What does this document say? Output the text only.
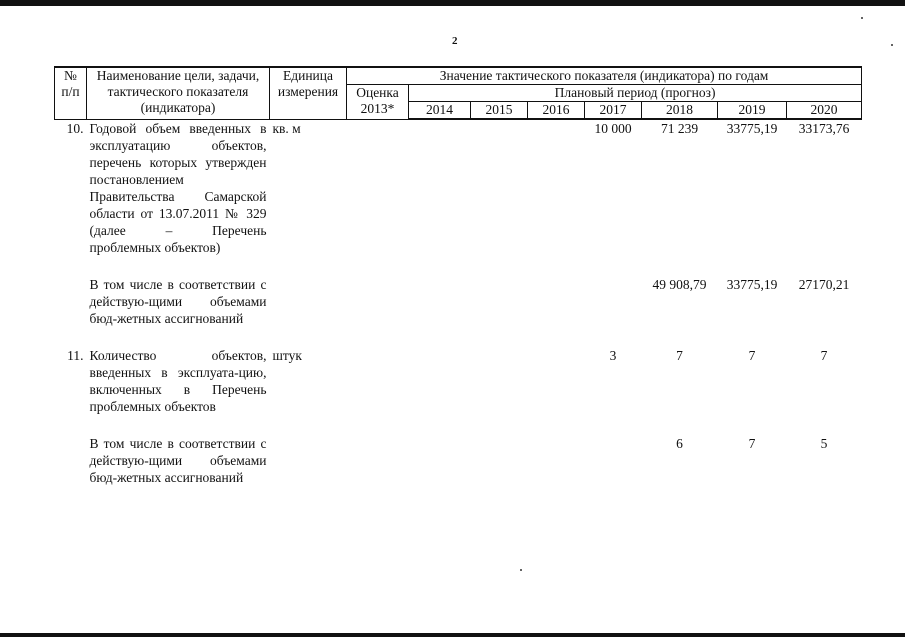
2
№ п/п	Наименование цели, задачи, тактического показателя (индикатора)	Единица измерения	Значение тактического показателя (индикатора) по годам							
			Оценка 2013*	Плановый период (прогноз)						
				2014	2015	2016	2017	2018	2019	2020
10.	Годовой объем введенных в эксплуатацию объектов, перечень которых утвержден постановлением Правительства Самарской области от 13.07.2011 № 329 (далее – Перечень проблемных объектов)	кв. м					10 000	71 239	33775,19	33173,76

	В том числе в соответствии с действую-щими объемами бюд-жетных ассигнований							49 908,79	33775,19	27170,21

11.	Количество объектов, введенных в эксплуата-цию, включенных в Перечень проблемных объектов	штук					3	7	7	7

	В том числе в соответствии с действую-щими объемами бюд-жетных ассигнований							6	7	5
